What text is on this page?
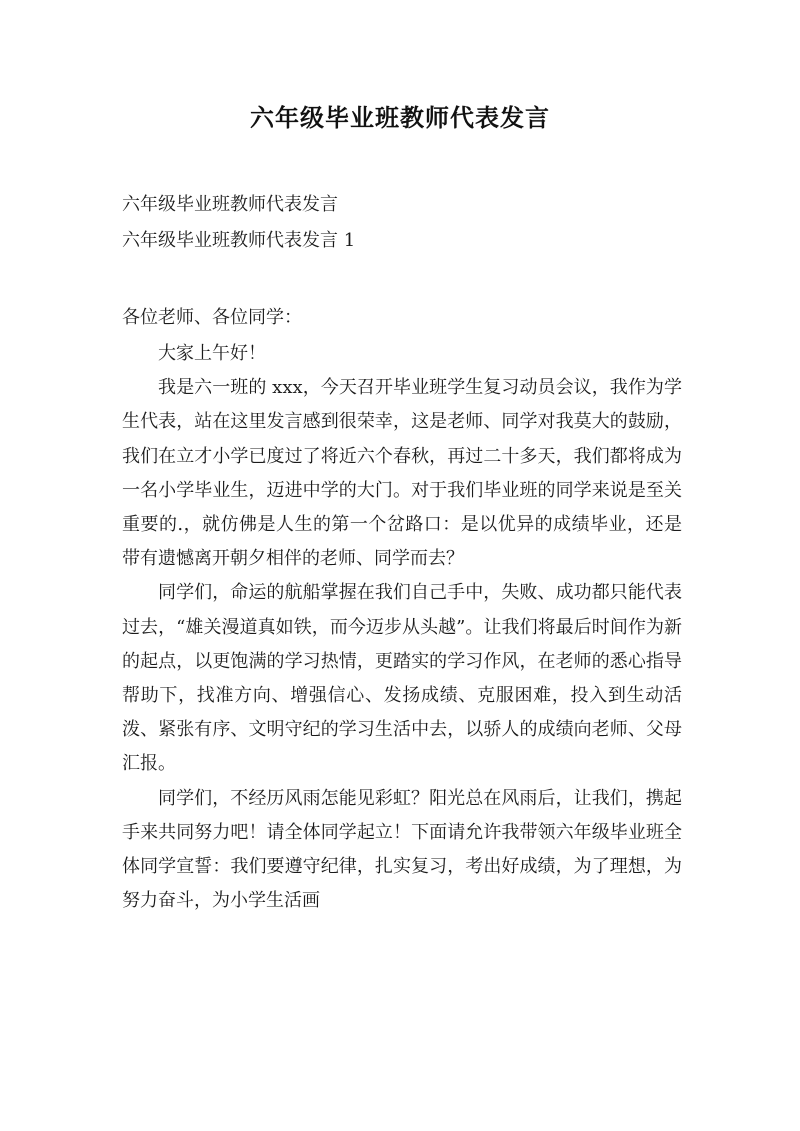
六年级毕业班教师代表发言
六年级毕业班教师代表发言
六年级毕业班教师代表发言 1
各位老师、各位同学：

大家上午好！

我是六一班的 xxx，今天召开毕业班学生复习动员会议，我作为学生代表，站在这里发言感到很荣幸，这是老师、同学对我莫大的鼓励，我们在立才小学已度过了将近六个春秋，再过二十多天，我们都将成为一名小学毕业生，迈进中学的大门。对于我们毕业班的同学来说是至关重要的.，就仿佛是人生的第一个岔路口：是以优异的成绩毕业，还是带有遗憾离开朝夕相伴的老师、同学而去？

同学们，命运的航船掌握在我们自己手中，失败、成功都只能代表过去，“雄关漫道真如铁，而今迈步从头越”。让我们将最后时间作为新的起点，以更饱满的学习热情，更踏实的学习作风，在老师的悉心指导帮助下，找准方向、增强信心、发扬成绩、克服困难，投入到生动活泼、紧张有序、文明守纪的学习生活中去，以骄人的成绩向老师、父母汇报。

同学们，不经历风雨怎能见彩虹？阳光总在风雨后，让我们，携起手来共同努力吧！请全体同学起立！下面请允许我带领六年级毕业班全体同学宣誓：我们要遵守纪律，扎实复习，考出好成绩，为了理想，为努力奋斗，为小学生活画
